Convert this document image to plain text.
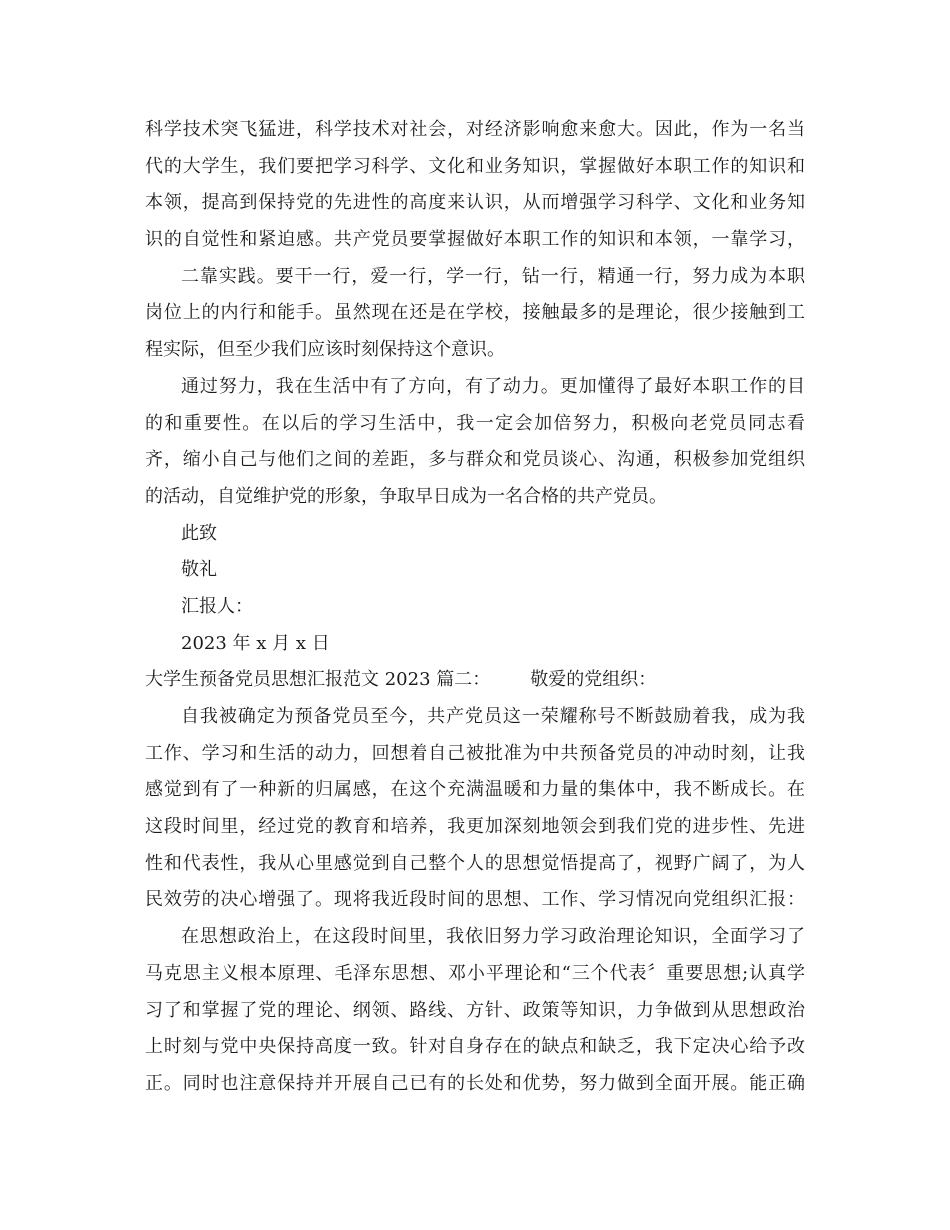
科学技术突飞猛进，科学技术对社会，对经济影响愈来愈大。因此，作为一名当
代的大学生，我们要把学习科学、文化和业务知识，掌握做好本职工作的知识和
本领，提高到保持党的先进性的高度来认识，从而增强学习科学、文化和业务知
识的自觉性和紧迫感。共产党员要掌握做好本职工作的知识和本领，一靠学习，
二靠实践。要干一行，爱一行，学一行，钻一行，精通一行，努力成为本职
岗位上的内行和能手。虽然现在还是在学校，接触最多的是理论，很少接触到工
程实际，但至少我们应该时刻保持这个意识。
通过努力，我在生活中有了方向，有了动力。更加懂得了最好本职工作的目
的和重要性。在以后的学习生活中，我一定会加倍努力，积极向老党员同志看
齐，缩小自己与他们之间的差距，多与群众和党员谈心、沟通，积极参加党组织
的活动，自觉维护党的形象，争取早日成为一名合格的共产党员。
此致
敬礼
汇报人：
2023 年 x 月 x 日
大学生预备党员思想汇报范文 2023 篇二： 敬爱的党组织：
自我被确定为预备党员至今，共产党员这一荣耀称号不断鼓励着我，成为我
工作、学习和生活的动力，回想着自己被批准为中共预备党员的冲动时刻，让我
感觉到有了一种新的归属感，在这个充满温暖和力量的集体中，我不断成长。在
这段时间里，经过党的教育和培养，我更加深刻地领会到我们党的进步性、先进
性和代表性，我从心里感觉到自己整个人的思想觉悟提高了，视野广阔了，为人
民效劳的决心增强了。现将我近段时间的思想、工作、学习情况向党组织汇报：
在思想政治上，在这段时间里，我依旧努力学习政治理论知识，全面学习了
马克思主义根本原理、毛泽东思想、邓小平理论和“三个代表〞重要思想;认真学
习了和掌握了党的理论、纲领、路线、方针、政策等知识，力争做到从思想政治
上时刻与党中央保持高度一致。针对自身存在的缺点和缺乏，我下定决心给予改
正。同时也注意保持并开展自己已有的长处和优势，努力做到全面开展。能正确
